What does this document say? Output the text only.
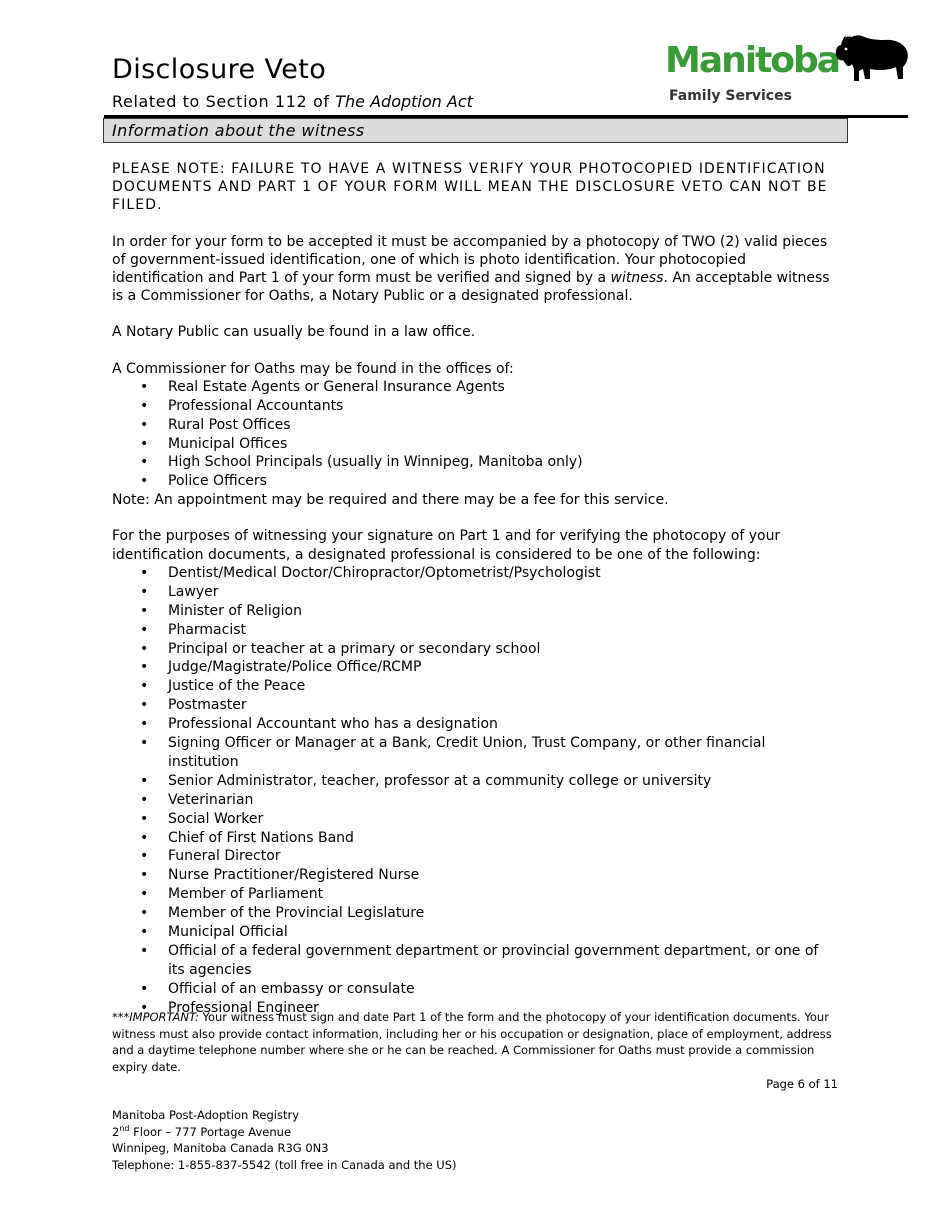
Disclosure Veto
Related to Section 112 of The Adoption Act
Manitoba
Family Services
Information about the witness

PLEASE NOTE: FAILURE TO HAVE A WITNESS VERIFY YOUR PHOTOCOPIED IDENTIFICATION DOCUMENTS AND PART 1 OF YOUR FORM WILL MEAN THE DISCLOSURE VETO CAN NOT BE FILED.

In order for your form to be accepted it must be accompanied by a photocopy of TWO (2) valid pieces of government-issued identification, one of which is photo identification. Your photocopied identification and Part 1 of your form must be verified and signed by a witness. An acceptable witness is a Commissioner for Oaths, a Notary Public or a designated professional.

A Notary Public can usually be found in a law office.

A Commissioner for Oaths may be found in the offices of:

• Real Estate Agents or General Insurance Agents
• Professional Accountants
• Rural Post Offices
• Municipal Offices
• High School Principals (usually in Winnipeg, Manitoba only)
• Police Officers

Note: An appointment may be required and there may be a fee for this service.

For the purposes of witnessing your signature on Part 1 and for verifying the photocopy of your identification documents, a designated professional is considered to be one of the following:

• Dentist/Medical Doctor/Chiropractor/Optometrist/Psychologist
• Lawyer
• Minister of Religion
• Pharmacist
• Principal or teacher at a primary or secondary school
• Judge/Magistrate/Police Office/RCMP
• Justice of the Peace
• Postmaster
• Professional Accountant who has a designation
• Signing Officer or Manager at a Bank, Credit Union, Trust Company, or other financial institution
• Senior Administrator, teacher, professor at a community college or university
• Veterinarian
• Social Worker
• Chief of First Nations Band
• Funeral Director
• Nurse Practitioner/Registered Nurse
• Member of Parliament
• Member of the Provincial Legislature
• Municipal Official
• Official of a federal government department or provincial government department, or one of its agencies
• Official of an embassy or consulate
• Professional Engineer
***IMPORTANT: Your witness must sign and date Part 1 of the form and the photocopy of your identification documents. Your witness must also provide contact information, including her or his occupation or designation, place of employment, address and a daytime telephone number where she or he can be reached. A Commissioner for Oaths must provide a commission expiry date.
Page 6 of 11
Manitoba Post-Adoption Registry
2nd Floor – 777 Portage Avenue
Winnipeg, Manitoba Canada R3G 0N3
Telephone: 1-855-837-5542 (toll free in Canada and the US)
